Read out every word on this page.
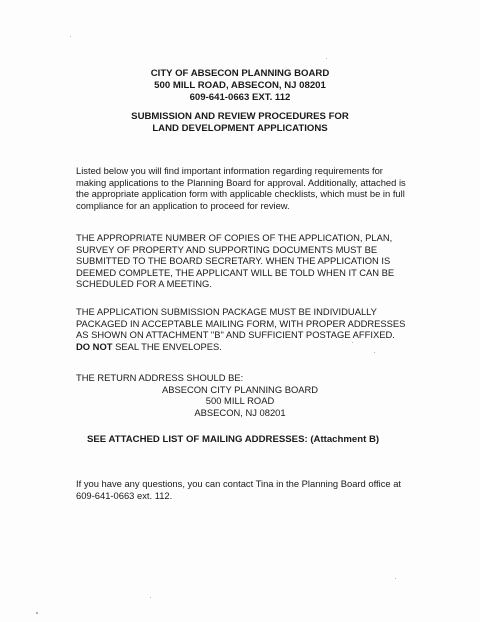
CITY OF ABSECON PLANNING BOARD
500 MILL ROAD, ABSECON, NJ 08201
609-641-0663 EXT. 112
SUBMISSION AND REVIEW PROCEDURES FOR
LAND DEVELOPMENT APPLICATIONS
Listed below you will find important information regarding requirements for
making applications to the Planning Board for approval. Additionally, attached is
the appropriate application form with applicable checklists, which must be in full
compliance for an application to proceed for review.
THE APPROPRIATE NUMBER OF COPIES OF THE APPLICATION, PLAN,
SURVEY OF PROPERTY AND SUPPORTING DOCUMENTS MUST BE
SUBMITTED TO THE BOARD SECRETARY. WHEN THE APPLICATION IS
DEEMED COMPLETE, THE APPLICANT WILL BE TOLD WHEN IT CAN BE
SCHEDULED FOR A MEETING.
THE APPLICATION SUBMISSION PACKAGE MUST BE INDIVIDUALLY
PACKAGED IN ACCEPTABLE MAILING FORM, WITH PROPER ADDRESSES
AS SHOWN ON ATTACHMENT "B" AND SUFFICIENT POSTAGE AFFIXED.
DO NOT SEAL THE ENVELOPES.
THE RETURN ADDRESS SHOULD BE:
ABSECON CITY PLANNING BOARD
500 MILL ROAD
ABSECON, NJ 08201
SEE ATTACHED LIST OF MAILING ADDRESSES: (Attachment B)
If you have any questions, you can contact Tina in the Planning Board office at
609-641-0663 ext. 112.
